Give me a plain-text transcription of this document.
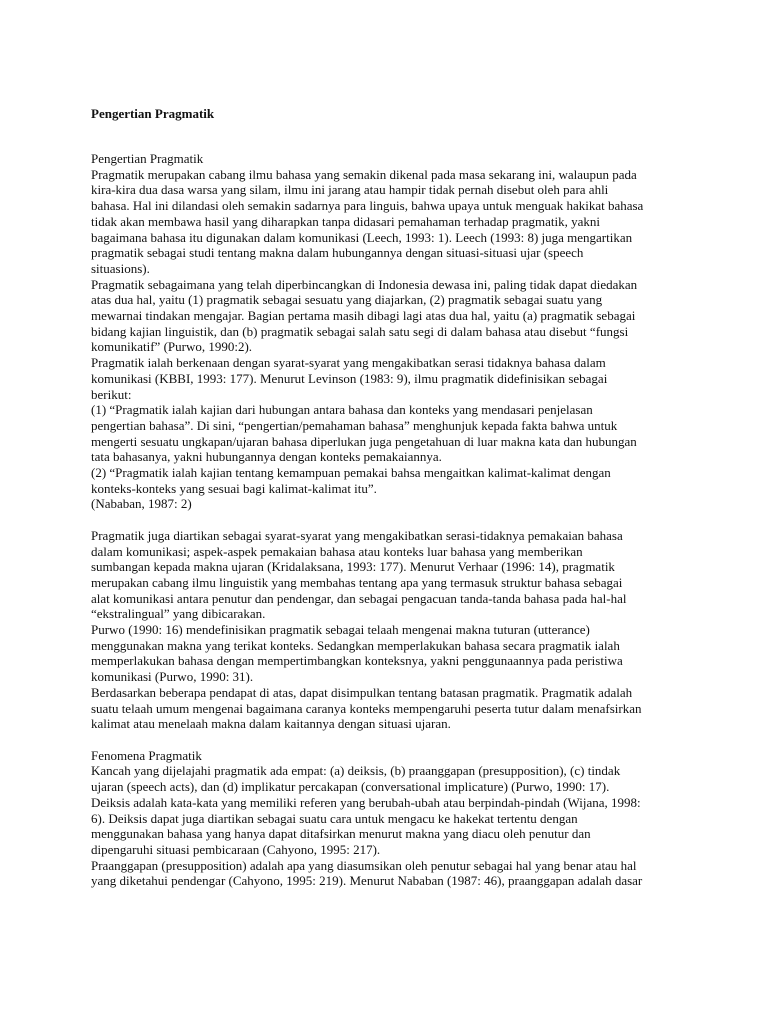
Pengertian Pragmatik
Pengertian Pragmatik
Pragmatik merupakan cabang ilmu bahasa yang semakin dikenal pada masa sekarang ini, walaupun pada
kira-kira dua dasa warsa yang silam, ilmu ini jarang atau hampir tidak pernah disebut oleh para ahli
bahasa. Hal ini dilandasi oleh semakin sadarnya para linguis, bahwa upaya untuk menguak hakikat bahasa
tidak akan membawa hasil yang diharapkan tanpa didasari pemahaman terhadap pragmatik, yakni
bagaimana bahasa itu digunakan dalam komunikasi (Leech, 1993: 1). Leech (1993: 8) juga mengartikan
pragmatik sebagai studi tentang makna dalam hubungannya dengan situasi-situasi ujar (speech
situasions).
Pragmatik sebagaimana yang telah diperbincangkan di Indonesia dewasa ini, paling tidak dapat diedakan
atas dua hal, yaitu (1) pragmatik sebagai sesuatu yang diajarkan, (2) pragmatik sebagai suatu yang
mewarnai tindakan mengajar. Bagian pertama masih dibagi lagi atas dua hal, yaitu (a) pragmatik sebagai
bidang kajian linguistik, dan (b) pragmatik sebagai salah satu segi di dalam bahasa atau disebut “fungsi
komunikatif” (Purwo, 1990:2).
Pragmatik ialah berkenaan dengan syarat-syarat yang mengakibatkan serasi tidaknya bahasa dalam
komunikasi (KBBI, 1993: 177). Menurut Levinson (1983: 9), ilmu pragmatik didefinisikan sebagai
berikut:
(1) “Pragmatik ialah kajian dari hubungan antara bahasa dan konteks yang mendasari penjelasan
pengertian bahasa”. Di sini, “pengertian/pemahaman bahasa” menghunjuk kepada fakta bahwa untuk
mengerti sesuatu ungkapan/ujaran bahasa diperlukan juga pengetahuan di luar makna kata dan hubungan
tata bahasanya, yakni hubungannya dengan konteks pemakaiannya.
(2) “Pragmatik ialah kajian tentang kemampuan pemakai bahsa mengaitkan kalimat-kalimat dengan
konteks-konteks yang sesuai bagi kalimat-kalimat itu”.
(Nababan, 1987: 2)
Pragmatik juga diartikan sebagai syarat-syarat yang mengakibatkan serasi-tidaknya pemakaian bahasa
dalam komunikasi; aspek-aspek pemakaian bahasa atau konteks luar bahasa yang memberikan
sumbangan kepada makna ujaran (Kridalaksana, 1993: 177). Menurut Verhaar (1996: 14), pragmatik
merupakan cabang ilmu linguistik yang membahas tentang apa yang termasuk struktur bahasa sebagai
alat komunikasi antara penutur dan pendengar, dan sebagai pengacuan tanda-tanda bahasa pada hal-hal
“ekstralingual” yang dibicarakan.
Purwo (1990: 16) mendefinisikan pragmatik sebagai telaah mengenai makna tuturan (utterance)
menggunakan makna yang terikat konteks. Sedangkan memperlakukan bahasa secara pragmatik ialah
memperlakukan bahasa dengan mempertimbangkan konteksnya, yakni penggunaannya pada peristiwa
komunikasi (Purwo, 1990: 31).
Berdasarkan beberapa pendapat di atas, dapat disimpulkan tentang batasan pragmatik. Pragmatik adalah
suatu telaah umum mengenai bagaimana caranya konteks mempengaruhi peserta tutur dalam menafsirkan
kalimat atau menelaah makna dalam kaitannya dengan situasi ujaran.
Fenomena Pragmatik
Kancah yang dijelajahi pragmatik ada empat: (a) deiksis, (b) praanggapan (presupposition), (c) tindak
ujaran (speech acts), dan (d) implikatur percakapan (conversational implicature) (Purwo, 1990: 17).
Deiksis adalah kata-kata yang memiliki referen yang berubah-ubah atau berpindah-pindah (Wijana, 1998:
6). Deiksis dapat juga diartikan sebagai suatu cara untuk mengacu ke hakekat tertentu dengan
menggunakan bahasa yang hanya dapat ditafsirkan menurut makna yang diacu oleh penutur dan
dipengaruhi situasi pembicaraan (Cahyono, 1995: 217).
Praanggapan (presupposition) adalah apa yang diasumsikan oleh penutur sebagai hal yang benar atau hal
yang diketahui pendengar (Cahyono, 1995: 219). Menurut Nababan (1987: 46), praanggapan adalah dasar
